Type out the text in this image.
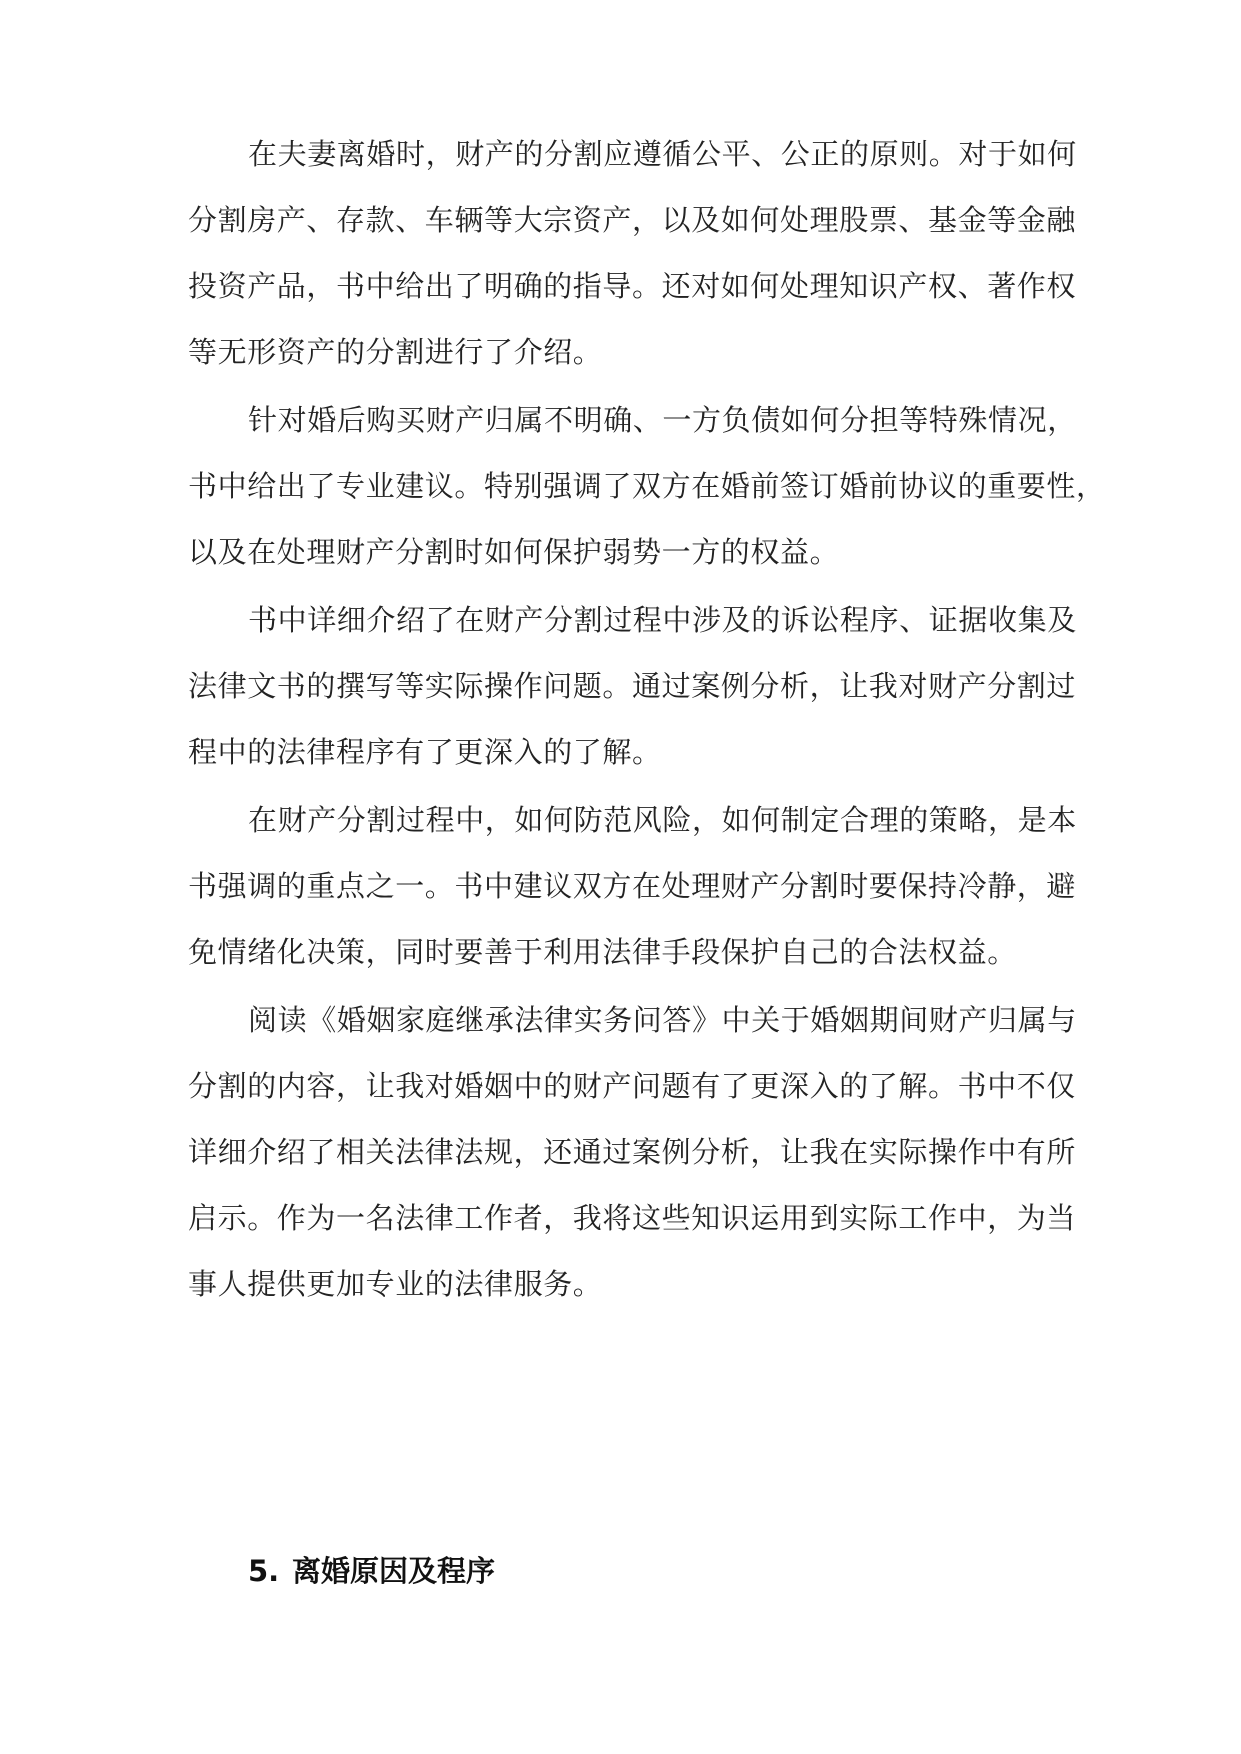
在夫妻离婚时，财产的分割应遵循公平、公正的原则。对于如何
分割房产、存款、车辆等大宗资产，以及如何处理股票、基金等金融
投资产品，书中给出了明确的指导。还对如何处理知识产权、著作权
等无形资产的分割进行了介绍。
针对婚后购买财产归属不明确、一方负债如何分担等特殊情况，
书中给出了专业建议。特别强调了双方在婚前签订婚前协议的重要性，
以及在处理财产分割时如何保护弱势一方的权益。
书中详细介绍了在财产分割过程中涉及的诉讼程序、证据收集及
法律文书的撰写等实际操作问题。通过案例分析，让我对财产分割过
程中的法律程序有了更深入的了解。
在财产分割过程中，如何防范风险，如何制定合理的策略，是本
书强调的重点之一。书中建议双方在处理财产分割时要保持冷静，避
免情绪化决策，同时要善于利用法律手段保护自己的合法权益。
阅读《婚姻家庭继承法律实务问答》中关于婚姻期间财产归属与
分割的内容，让我对婚姻中的财产问题有了更深入的了解。书中不仅
详细介绍了相关法律法规，还通过案例分析，让我在实际操作中有所
启示。作为一名法律工作者，我将这些知识运用到实际工作中，为当
事人提供更加专业的法律服务。
5. 离婚原因及程序
